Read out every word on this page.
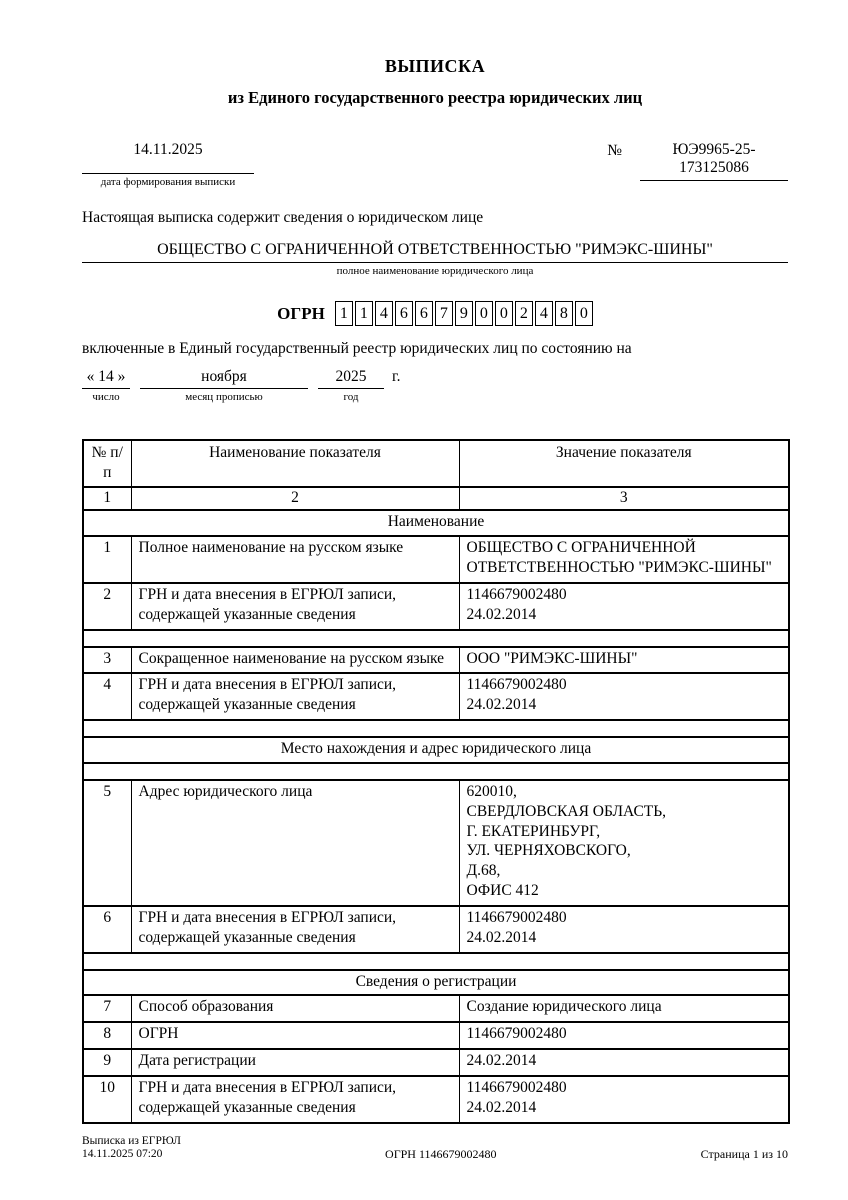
ВЫПИСКА
из Единого государственного реестра юридических лиц
14.11.2025
дата формирования выписки
№	ЮЭ9965-25-
173125086
Настоящая выписка содержит сведения о юридическом лице
ОБЩЕСТВО С ОГРАНИЧЕННОЙ ОТВЕТСТВЕННОСТЬЮ "РИМЭКС-ШИНЫ"
полное наименование юридического лица
ОГРН 1 1 4 6 6 7 9 0 0 2 4 8 0
включенные в Единый государственный реестр юридических лиц по состоянию на
« 14 »
число
ноября
месяц прописью
2025
год
г.
№ п/п	Наименование показателя	Значение показателя
1	2	3
Наименование		
1	Полное наименование на русском языке	ОБЩЕСТВО С ОГРАНИЧЕННОЙ ОТВЕТСТВЕННОСТЬЮ "РИМЭКС-ШИНЫ"

2	ГРН и дата внесения в ЕГРЮЛ записи, содержащей указанные сведения	1146679002480
24.02.2014

3	Сокращенное наименование на русском языке	ООО "РИМЭКС-ШИНЫ"

4	ГРН и дата внесения в ЕГРЮЛ записи, содержащей указанные сведения	1146679002480
24.02.2014

Место нахождения и адрес юридического лица		

5	Адрес юридического лица	620010,
СВЕРДЛОВСКАЯ ОБЛАСТЬ,
Г. ЕКАТЕРИНБУРГ,
УЛ. ЧЕРНЯХОВСКОГО,
Д.68,
ОФИС 412

6	ГРН и дата внесения в ЕГРЮЛ записи, содержащей указанные сведения	1146679002480
24.02.2014

Сведения о регистрации		
7	Способ образования	Создание юридического лица

8	ОГРН	1146679002480

9	Дата регистрации	24.02.2014

10	ГРН и дата внесения в ЕГРЮЛ записи, содержащей указанные сведения	1146679002480
24.02.2014
Выписка из ЕГРЮЛ
14.11.2025 07:20	ОГРН 1146679002480	Страница 1 из 10
